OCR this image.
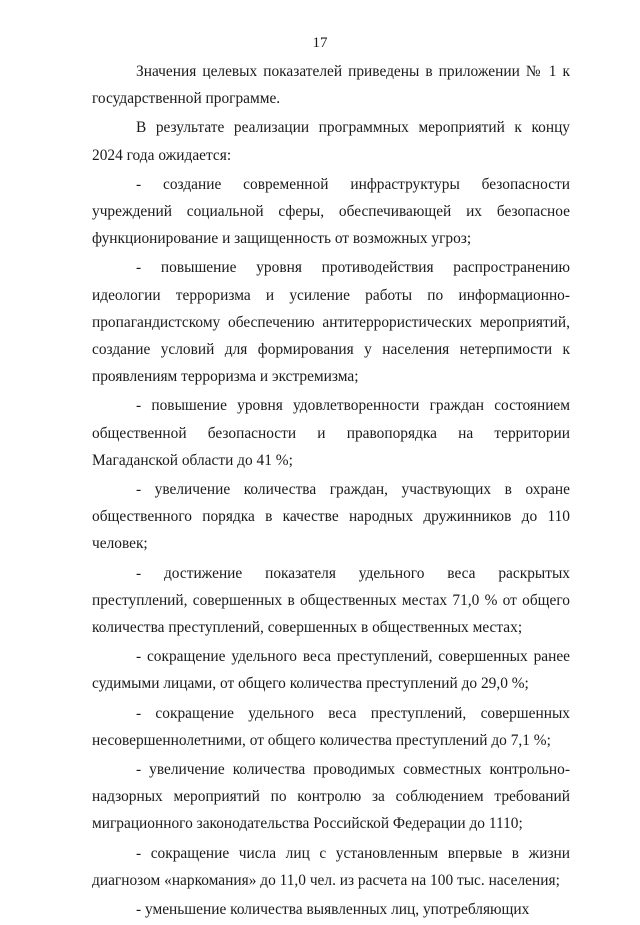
17

Значения целевых показателей приведены в приложении № 1 к государственной программе.

В результате реализации программных мероприятий к концу 2024 года ожидается:

- создание современной инфраструктуры безопасности учреждений социальной сферы, обеспечивающей их безопасное функционирование и защищенность от возможных угроз;

- повышение уровня противодействия распространению идеологии терроризма и усиление работы по информационно-пропагандистскому обеспечению антитеррористических мероприятий, создание условий для формирования у населения нетерпимости к проявлениям терроризма и экстремизма;

- повышение уровня удовлетворенности граждан состоянием общественной безопасности и правопорядка на территории Магаданской области до 41 %;

- увеличение количества граждан, участвующих в охране общественного порядка в качестве народных дружинников до 110 человек;

- достижение показателя удельного веса раскрытых преступлений, совершенных в общественных местах 71,0 % от общего количества преступлений, совершенных в общественных местах;

- сокращение удельного веса преступлений, совершенных ранее судимыми лицами, от общего количества преступлений до 29,0 %;

- сокращение удельного веса преступлений, совершенных несовершеннолетними, от общего количества преступлений до 7,1 %;

- увеличение количества проводимых совместных контрольно-надзорных мероприятий по контролю за соблюдением требований миграционного законодательства Российской Федерации до 1110;

- сокращение числа лиц с установленным впервые в жизни диагнозом «наркомания» до 11,0 чел. из расчета на 100 тыс. населения;

- уменьшение количества выявленных лиц, употребляющих
